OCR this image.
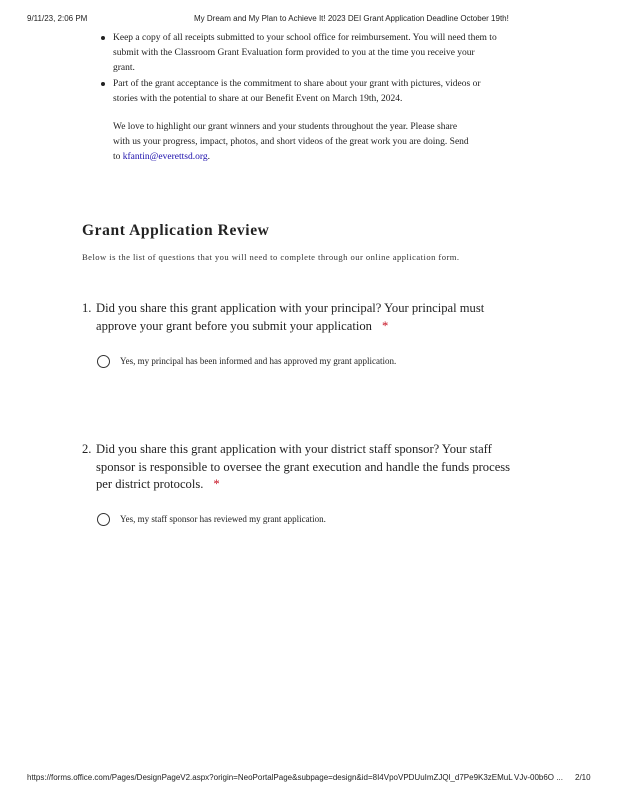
9/11/23, 2:06 PM	My Dream and My Plan to Achieve It! 2023 DEI Grant Application Deadline October 19th!
Keep a copy of all receipts submitted to your school office for reimbursement. You will need them to submit with the Classroom Grant Evaluation form provided to you at the time you receive your grant.
Part of the grant acceptance is the commitment to share about your grant with pictures, videos or stories with the potential to share at our Benefit Event on March 19th, 2024.

We love to highlight our grant winners and your students throughout the year. Please share with us your progress, impact, photos, and short videos of the great work you are doing. Send to kfantin@everettsd.org.

Grant Application Review

Below is the list of questions that you will need to complete through our online application form.

1. Did you share this grant application with your principal? Your principal must approve your grant before you submit your application *
Yes, my principal has been informed and has approved my grant application.
2. Did you share this grant application with your district staff sponsor? Your staff sponsor is responsible to oversee the grant execution and handle the funds process per district protocols. *
Yes, my staff sponsor has reviewed my grant application.
https://forms.office.com/Pages/DesignPageV2.aspx?origin=NeoPortalPage&subpage=design&id=8I4VpoVPDUuImZJQl_d7Pe9K3zEMuL VJv-00b6O ... 2/10
